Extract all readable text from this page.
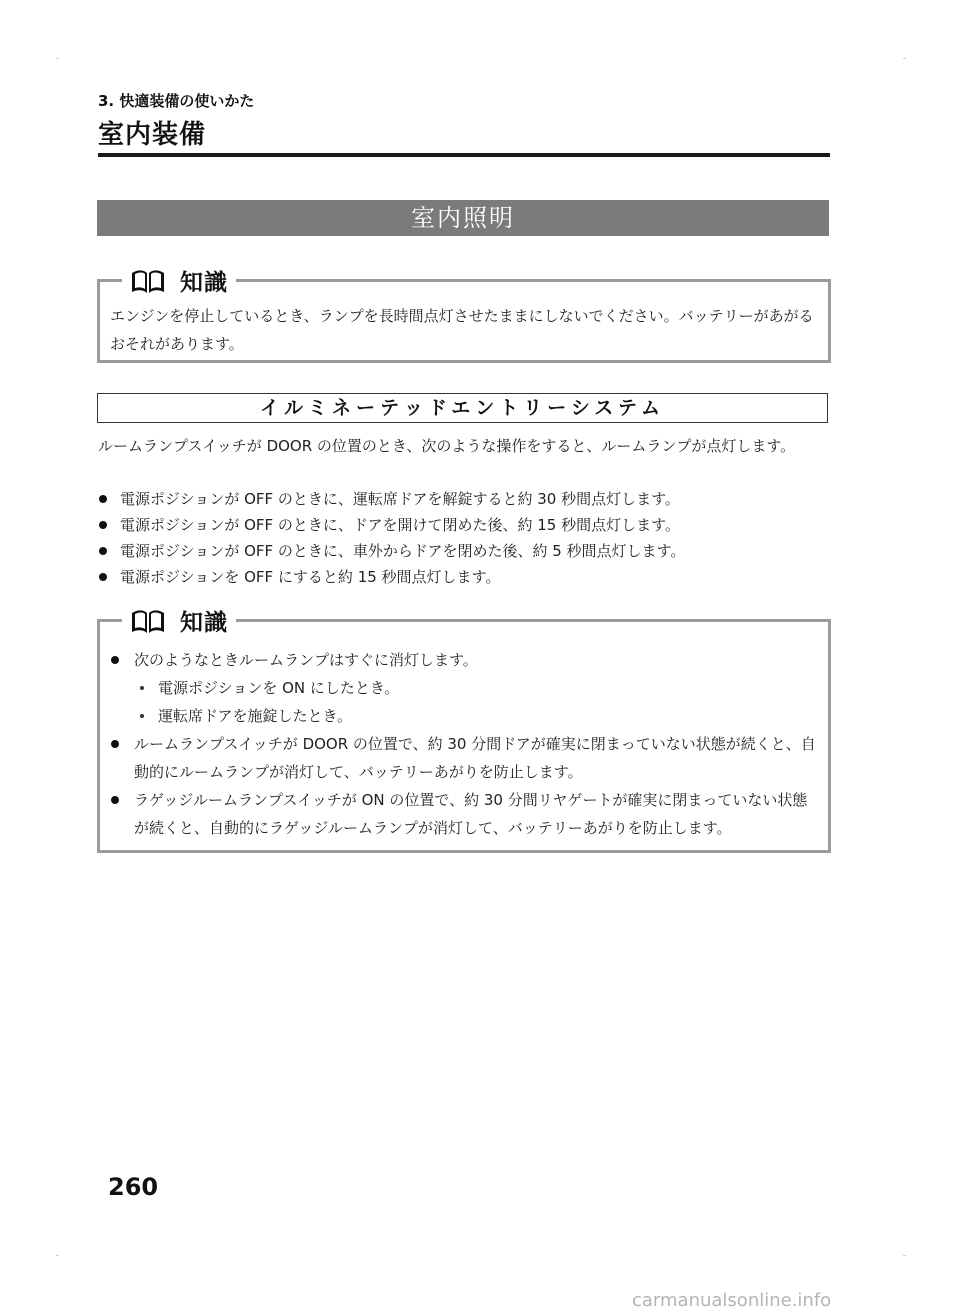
3. 快適装備の使いかた
室内装備
室内照明
知識
エンジンを停止しているとき、ランプを長時間点灯させたままにしないでください。バッテリーがあがるおそれがあります。
イルミネーテッドエントリーシステム
ルームランプスイッチが DOOR の位置のとき、次のような操作をすると、ルームランプが点灯します。
電源ポジションが OFF のときに、運転席ドアを解錠すると約 30 秒間点灯します。
電源ポジションが OFF のときに、ドアを開けて閉めた後、約 15 秒間点灯します。
電源ポジションが OFF のときに、車外からドアを閉めた後、約 5 秒間点灯します。
電源ポジションを OFF にすると約 15 秒間点灯します。
知識
次のようなときルームランプはすぐに消灯します。
電源ポジションを ON にしたとき。
運転席ドアを施錠したとき。
ルームランプスイッチが DOOR の位置で、約 30 分間ドアが確実に閉まっていない状態が続くと、自動的にルームランプが消灯して、バッテリーあがりを防止します。
ラゲッジルームランプスイッチが ON の位置で、約 30 分間リヤゲートが確実に閉まっていない状態が続くと、自動的にラゲッジルームランプが消灯して、バッテリーあがりを防止します。
260
carmanualsonline.info
